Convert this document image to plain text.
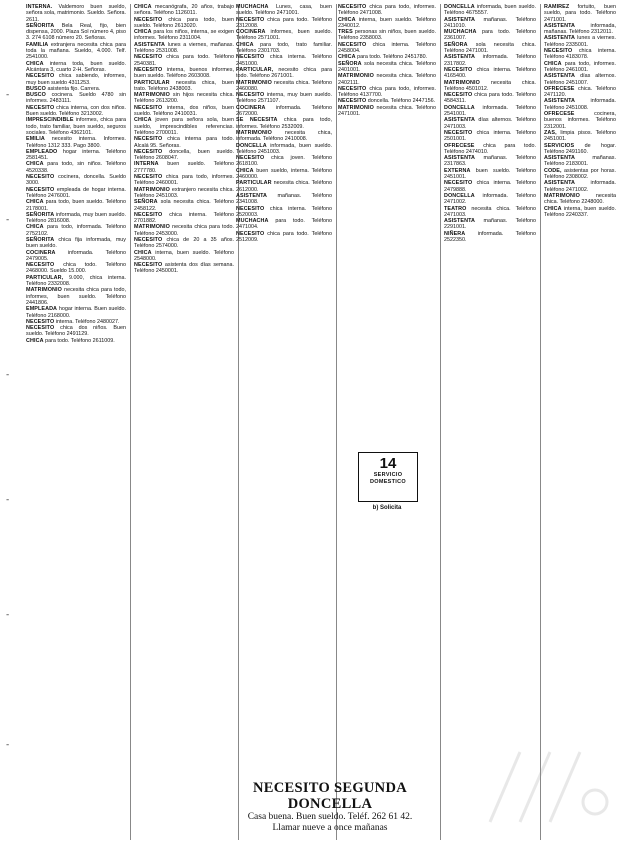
INTERNA. Valdemoro buen sueldo, señora sola, matrimonio. Sueldo. Señora. 2611.

SEÑORITA Bela Real, fijo, bien dispensa, 2000. Plaza Sol número 4, piso 3. 274 6108 número 20. Señoras.

FAMILIA extranjera necesita chica para toda la mañana. Sueldo, 4.000. Telf. 2541000.

CHICA interna toda, buen sueldo. Alcántara 3, cuarto 2-H. Señoras.

NECESITO chica sabiendo, informes, muy buen sueldo 4311253.

BUSCO asistenta fijo. Carrera.

BUSCO cocinera. Sueldo 4780 sin informes. 2483111.

NECESITO chica interna, con dos niños. Buen sueldo. Teléfono 3213002.

IMPRESCINDIBLE informes, chica para todo, trato familiar, buen sueldo, seguros sociales. Teléfono 4362101.

EMILIA necesito interna. Informes. Teléfono 1312 333. Pago 3800.

EMPLEADO hogar interna. Teléfono 2581451.

CHICA para todo, sin niños. Teléfono 4520338.

NECESITO cocinera, doncella. Sueldo 3000.

NECESITO empleada de hogar interna. Teléfono 2476001.

CHICA para todo, buen sueldo. Teléfono 2178001.

SEÑORITA informada, muy buen sueldo. Teléfono 2816008.

CHICA para todo, informada. Teléfono 2752102.

SEÑORITA chica fija informada, muy buen sueldo.

COCINERA informada. Teléfono 2479005.

NECESITO chica todo. Teléfono 2468000. Sueldo 15.000.

PARTICULAR, 9.000, chica interna. Teléfono 2332008.

MATRIMONIO necesita chica para todo, informes, buen sueldo. Teléfono 2441806.

EMPLEADA hogar interna. Buen sueldo. Teléfono 2168000.

NECESITO interna. Teléfono 2480027.

NECESITO chica dos niños. Buen sueldo. Teléfono 2491129.

CHICA para todo. Teléfono 2611009.

CHICA mecanógrafa, 20 años, trabajo señora. Teléfono 1126011.

NECESITO chica para todo, buen sueldo. Teléfono 2613020.

CHICA para los niños, interna, se exigen informes. Teléfono 2311004.

ASISTENTA lunes a viernes, mañanas. Teléfono 2531008.

NECESITO chica para todo. Teléfono 2540381.

NECESITO interna, buenos informes, buen sueldo. Teléfono 2603008.

PARTICULAR necesita chica, buen trato. Teléfono 2438003.

MATRIMONIO sin hijos necesita chica. Teléfono 2613200.

NECESITO interna, dos niños, buen sueldo. Teléfono 2410031.

CHICA joven para señora sola, buen sueldo, imprescindibles referencias. Teléfono 2700011.

NECESITO chica interna para todo. Alcalá 95. Señoras.

NECESITO doncella, buen sueldo. Teléfono 2608047.

INTERNA buen sueldo. Teléfono 2777780.

NECESITO chica para todo, informes. Teléfono 2460001.

MATRIMONIO extranjero necesita chica. Teléfono 2451003.

SEÑORA sola necesita chica. Teléfono 2458122.

NECESITO chica interna. Teléfono 2701882.

MATRIMONIO necesita chica para todo. Teléfono 2453000.

NECESITO chica de 20 a 35 años. Teléfono 2574000.

CHICA interna, buen sueldo. Teléfono 2548000.

NECESITO asistenta dos días semana. Teléfono 2450001.

MUCHACHA Lunes, casa, buen sueldo. Teléfono 2471001.

NECESITO chica para todo. Teléfono 2312008.

COCINERA informes, buen sueldo. Teléfono 2571001.

CHICA para todo, trato familiar. Teléfono 2301703.

NECESITO chica interna. Teléfono 2451000.

PARTICULAR, necesito chica para todo. Teléfono 2671001.

MATRIMONIO necesita chica. Teléfono 2460080.

NECESITO interna, muy buen sueldo. Teléfono 2571107.

COCINERA informada. Teléfono 2672000.

SE NECESITA chica para todo, informes. Teléfono 2532009.

MATRIMONIO necesita chica, informada. Teléfono 2410008.

DONCELLA informada, buen sueldo. Teléfono 2451003.

NECESITO chica joven. Teléfono 2618100.

CHICA buen sueldo, interna. Teléfono 2460000.

PARTICULAR necesita chica. Teléfono 2612000.

ASISTENTA mañanas. Teléfono 2341008.

NECESITO chica interna. Teléfono 2520003.

MUCHACHA para todo. Teléfono 2471004.

NECESITO chica para todo. Teléfono 2512009.

NECESITO chica para todo, informes. Teléfono 2471008.

CHICA interna, buen sueldo. Teléfono 2340012.

TRES personas sin niños, buen sueldo. Teléfono 2358003.

NECESITO chica interna. Teléfono 2458004.

CHICA para todo. Teléfono 2451780.

SEÑORA sola necesita chica. Teléfono 2401001.

MATRIMONIO necesita chica. Teléfono 2402111.

NECESITO chica para todo, informes. Teléfono 4137700.

NECESITO doncella. Teléfono 2447156.

MATRIMONIO necesita chica. Teléfono 2471001.

DONCELLA informada, buen sueldo. Teléfono 4675557.

ASISTENTA mañanas. Teléfono 2411010.

MUCHACHA para todo. Teléfono 2361007.

SEÑORA sola necesita chica. Teléfono 2471001.

ASISTENTA informada. Teléfono 2317802.

NECESITO chica interna. Teléfono 4165400.

MATRIMONIO necesita chica. Teléfono 4501012.

NECESITO chica para todo. Teléfono 4584311.

DONCELLA informada. Teléfono 2541001.

ASISTENTA días alternos. Teléfono 2471003.

NECESITO chica interna. Teléfono 2501001.

OFRECESE chica para todo. Teléfono 2474010.

ASISTENTA mañanas. Teléfono 2317863.

EXTERNA buen sueldo. Teléfono 2451001.

NECESITO chica interna. Teléfono 2479888.

DONCELLA informada. Teléfono 2471002.

TEATRO necesita chica. Teléfono 2471003.

ASISTENTA mañanas. Teléfono 2291001.

NIÑERA informada. Teléfono 2522350.

RAMIREZ fortuito, buen sueldo, para todo. Teléfono 2471001.

ASISTENTA	informada, mañanas. Teléfono 2312011.

ASISTENTA lunes a viernes. Teléfono 2335001.

NECESITO chica interna. Teléfono 4183078.

CHICA para todo, informes. Teléfono 2461001.

ASISTENTA días alternos. Teléfono 2451007.

OFRECESE chica. Teléfono 2471120.

ASISTENTA	informada. Teléfono 2451008.

OFRECESE	cocinera, buenos informes. Teléfono 2312001.

ZAS, limpia pisos. Teléfono 2451001.

SERVICIOS de hogar. Teléfono 2491160.

ASISTENTA	mañanas. Teléfono 2183001.

CODE, asistentas por horas. Teléfono 2308002.

ASISTENTA	informada. Teléfono 2471002.

MATRIMONIO	necesita chica. Teléfono 2248000.

CHICA interna, buen sueldo. Teléfono 2240337.

14
SERVICIO
DOMESTICO
b) Solicita
NECESITO SEGUNDA DONCELLA
Casa buena. Buen sueldo. Teléf. 262 61 42.
Llamar nueve a once mañanas
-
-
-
-
-
-
